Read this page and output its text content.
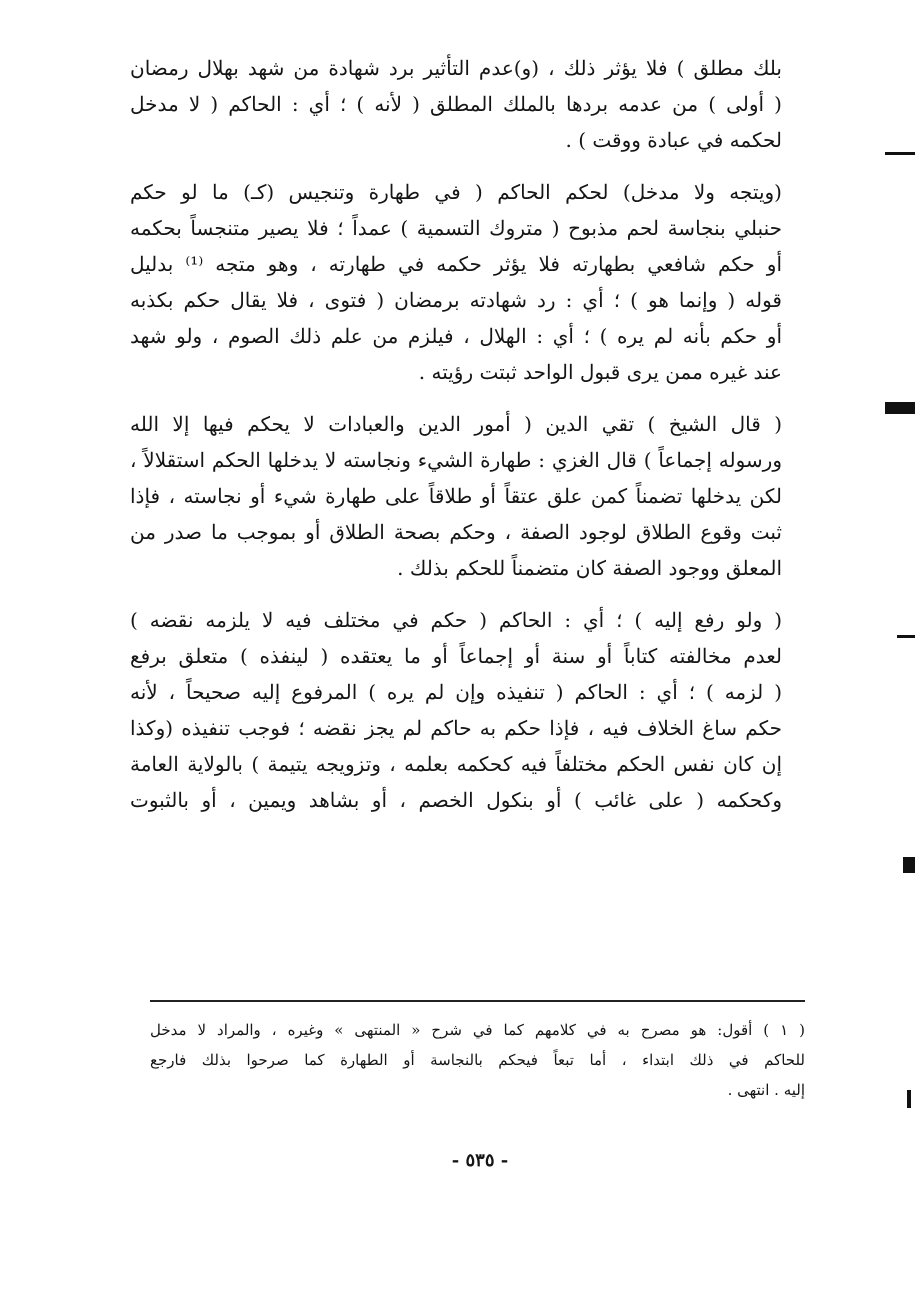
بلك مطلق ) فلا يؤثر ذلك ، (و)عدم التأثير برد شهادة من شهد بهلال رمضان
( أولى ) من عدمه بردها بالملك المطلق ( لأنه ) ؛ أي : الحاكم ( لا مدخل
لحكمه في عبادة ووقت ) .
(ويتجه ولا مدخل) لحكم الحاكم ( في طهارة وتنجيس (كـ) ما لو حكم
حنبلي بنجاسة لحم مذبوح ( متروك التسمية ) عمداً ؛ فلا يصير متنجساً بحكمه
أو حكم شافعي بطهارته فلا يؤثر حكمه في طهارته ، وهو متجه ⁽¹⁾ بدليل
قوله ( وإنما هو ) ؛ أي : رد شهادته برمضان ( فتوى ، فلا يقال حكم بكذبه
أو حكم بأنه لم يره ) ؛ أي : الهلال ، فيلزم من علم ذلك الصوم ، ولو شهد
عند غيره ممن يرى قبول الواحد ثبتت رؤيته .
( قال الشيخ ) تقي الدين ( أمور الدين والعبادات لا يحكم فيها إلا الله
ورسوله إجماعاً ) قال الغزي : طهارة الشيء ونجاسته لا يدخلها الحكم استقلالاً ،
لكن يدخلها تضمناً كمن علق عتقاً أو طلاقاً على طهارة شيء أو نجاسته ، فإذا
ثبت وقوع الطلاق لوجود الصفة ، وحكم بصحة الطلاق أو بموجب ما صدر من
المعلق ووجود الصفة كان متضمناً للحكم بذلك .
( ولو رفع إليه ) ؛ أي : الحاكم ( حكم في مختلف فيه لا يلزمه نقضه )
لعدم مخالفته كتاباً أو سنة أو إجماعاً أو ما يعتقده ( لينفذه ) متعلق برفع
( لزمه ) ؛ أي : الحاكم ( تنفيذه وإن لم يره ) المرفوع إليه صحيحاً ، لأنه
حكم ساغ الخلاف فيه ، فإذا حكم به حاكم لم يجز نقضه ؛ فوجب تنفيذه (وكذا
إن كان نفس الحكم مختلفاً فيه كحكمه بعلمه ، وتزويجه يتيمة ) بالولاية العامة
وكحكمه ( على غائب ) أو بنكول الخصم ، أو بشاهد ويمين ، أو بالثبوت
( ١ ) أقول: هو مصرح به في كلامهم كما في شرح « المنتهى » وغيره ، والمراد لا مدخل
للحاكم في ذلك ابتداء ، أما تبعاً فيحكم بالنجاسة أو الطهارة كما صرحوا بذلك فارجع
إليه . انتهى .
- ٥٣٥ -
